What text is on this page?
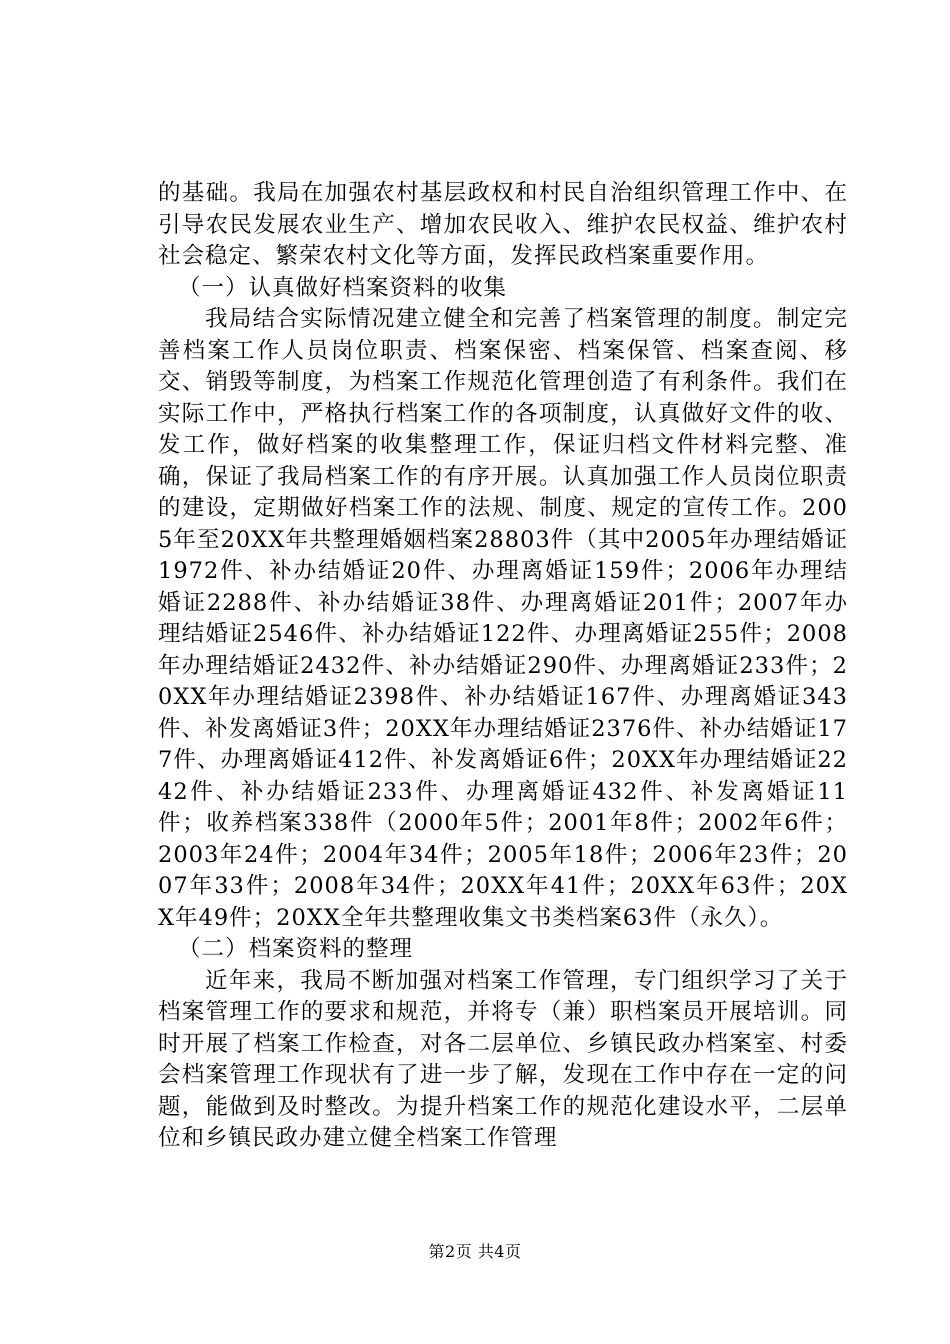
的基础。我局在加强农村基层政权和村民自治组织管理工作中、在引导农民发展农业生产、增加农民收入、维护农民权益、维护农村社会稳定、繁荣农村文化等方面，发挥民政档案重要作用。

（一）认真做好档案资料的收集

我局结合实际情况建立健全和完善了档案管理的制度。制定完善档案工作人员岗位职责、档案保密、档案保管、档案查阅、移交、销毁等制度，为档案工作规范化管理创造了有利条件。我们在实际工作中，严格执行档案工作的各项制度，认真做好文件的收、发工作，做好档案的收集整理工作，保证归档文件材料完整、准确，保证了我局档案工作的有序开展。认真加强工作人员岗位职责的建设，定期做好档案工作的法规、制度、规定的宣传工作。2005年至20XX年共整理婚姻档案28803件（其中2005年办理结婚证1972件、补办结婚证20件、办理离婚证159件；2006年办理结婚证2288件、补办结婚证38件、办理离婚证201件；2007年办理结婚证2546件、补办结婚证122件、办理离婚证255件；2008年办理结婚证2432件、补办结婚证290件、办理离婚证233件；20XX年办理结婚证2398件、补办结婚证167件、办理离婚证343件、补发离婚证3件；20XX年办理结婚证2376件、补办结婚证177件、办理离婚证412件、补发离婚证6件；20XX年办理结婚证2242件、补办结婚证233件、办理离婚证432件、补发离婚证11件；收养档案338件（2000年5件；2001年8件；2002年6件；2003年24件；2004年34件；2005年18件；2006年23件；2007年33件；2008年34件；20XX年41件；20XX年63件；20XX年49件；20XX全年共整理收集文书类档案63件（永久）。

（二）档案资料的整理

近年来，我局不断加强对档案工作管理，专门组织学习了关于档案管理工作的要求和规范，并将专（兼）职档案员开展培训。同时开展了档案工作检查，对各二层单位、乡镇民政办档案室、村委会档案管理工作现状有了进一步了解，发现在工作中存在一定的问题，能做到及时整改。为提升档案工作的规范化建设水平，二层单位和乡镇民政办建立健全档案工作管理

第2页 共4页
